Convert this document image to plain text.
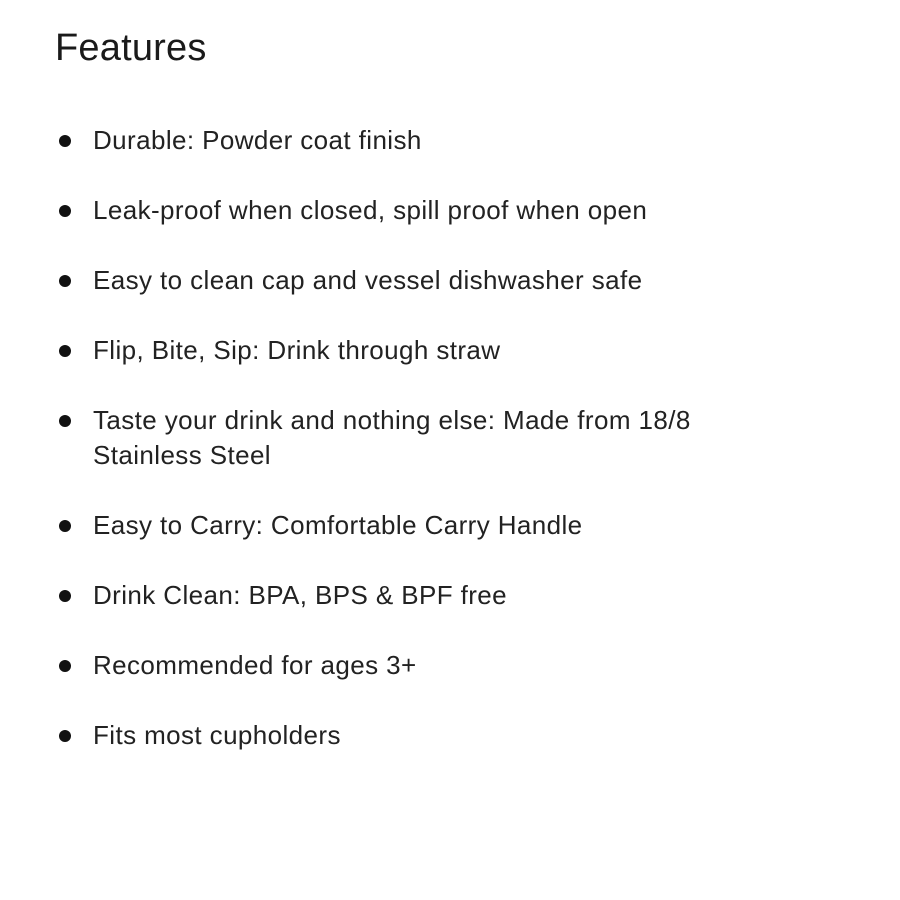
Features
Durable: Powder coat finish
Leak-proof when closed, spill proof when open
Easy to clean cap and vessel dishwasher safe
Flip, Bite, Sip: Drink through straw
Taste your drink and nothing else: Made from 18/8 Stainless Steel
Easy to Carry: Comfortable Carry Handle
Drink Clean: BPA, BPS & BPF free
Recommended for ages 3+
Fits most cupholders
